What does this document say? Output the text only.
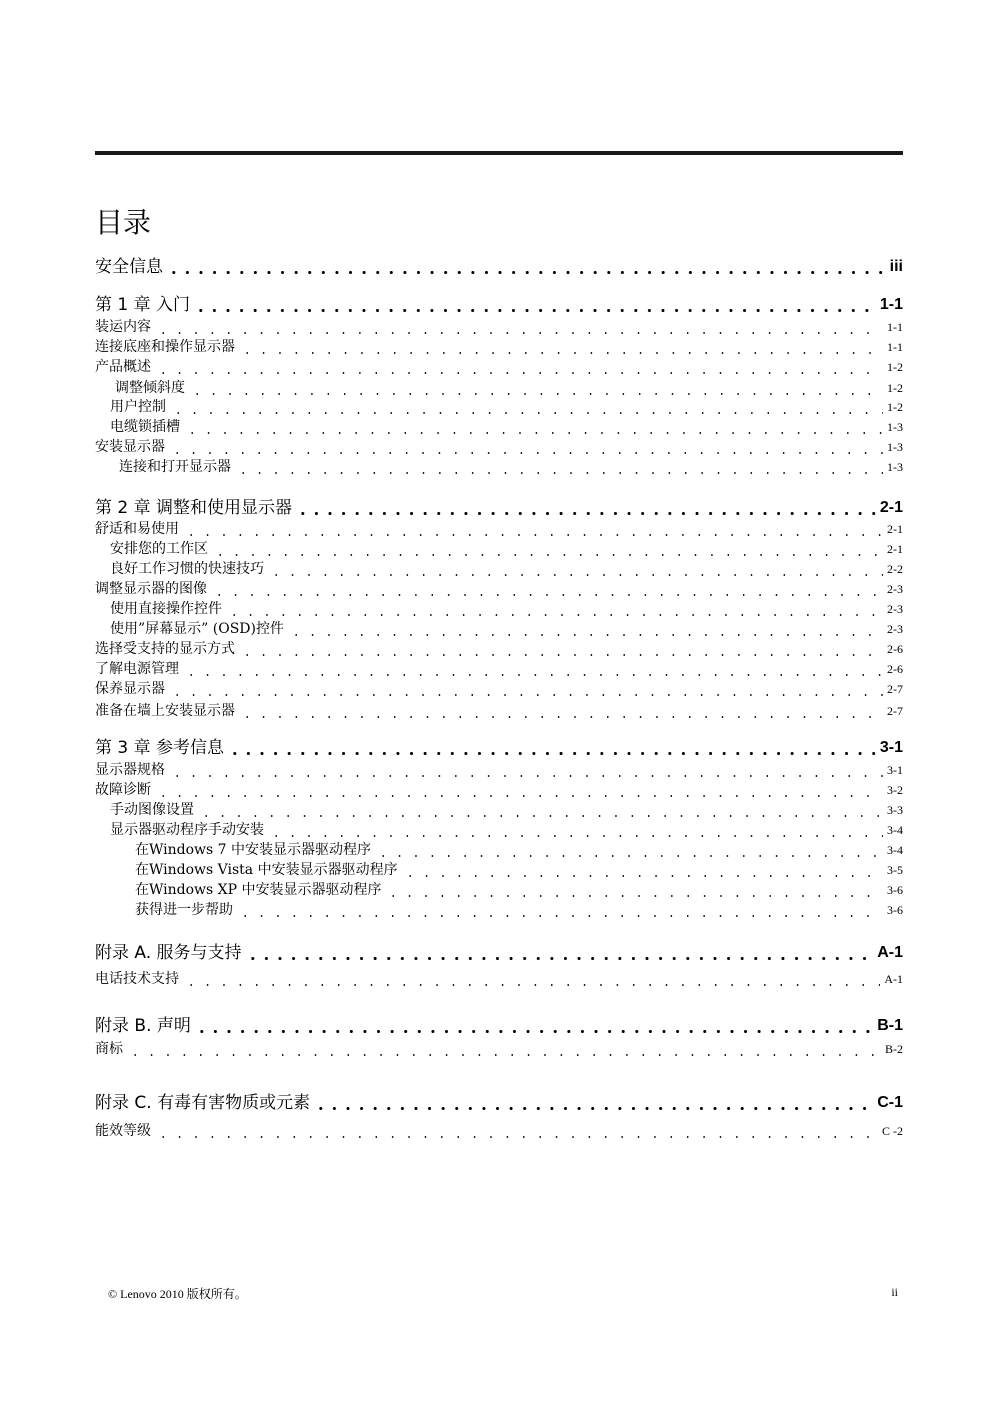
目录
安全信息	iii
第 1 章 入门	1-1
装运内容	1-1
连接底座和操作显示器	1-1
产品概述	1-2
调整倾斜度	1-2
用户控制	1-2
电缆锁插槽	1-3
安装显示器	1-3
连接和打开显示器	1-3
第 2 章 调整和使用显示器	2-1
舒适和易使用	2-1
安排您的工作区	2-1
良好工作习惯的快速技巧	2-2
调整显示器的图像	2-3
使用直接操作控件	2-3
使用”屏幕显示” (OSD)控件	2-3
选择受支持的显示方式	2-6
了解电源管理	2-6
保养显示器	2-7
准备在墙上安装显示器	2-7
第 3 章 参考信息	3-1
显示器规格	3-1
故障诊断	3-2
手动图像设置	3-3
显示器驱动程序手动安装	3-4
在Windows 7 中安装显示器驱动程序	3-4
在Windows Vista 中安装显示器驱动程序	3-5
在Windows XP 中安装显示器驱动程序	3-6
获得进一步帮助	3-6
附录 A. 服务与支持	A-1
电话技术支持	A-1
附录 B. 声明	B-1
商标	B-2
附录 C. 有毒有害物质或元素	C-1
能效等级	C -2
© Lenovo 2010 版权所有。	ii
